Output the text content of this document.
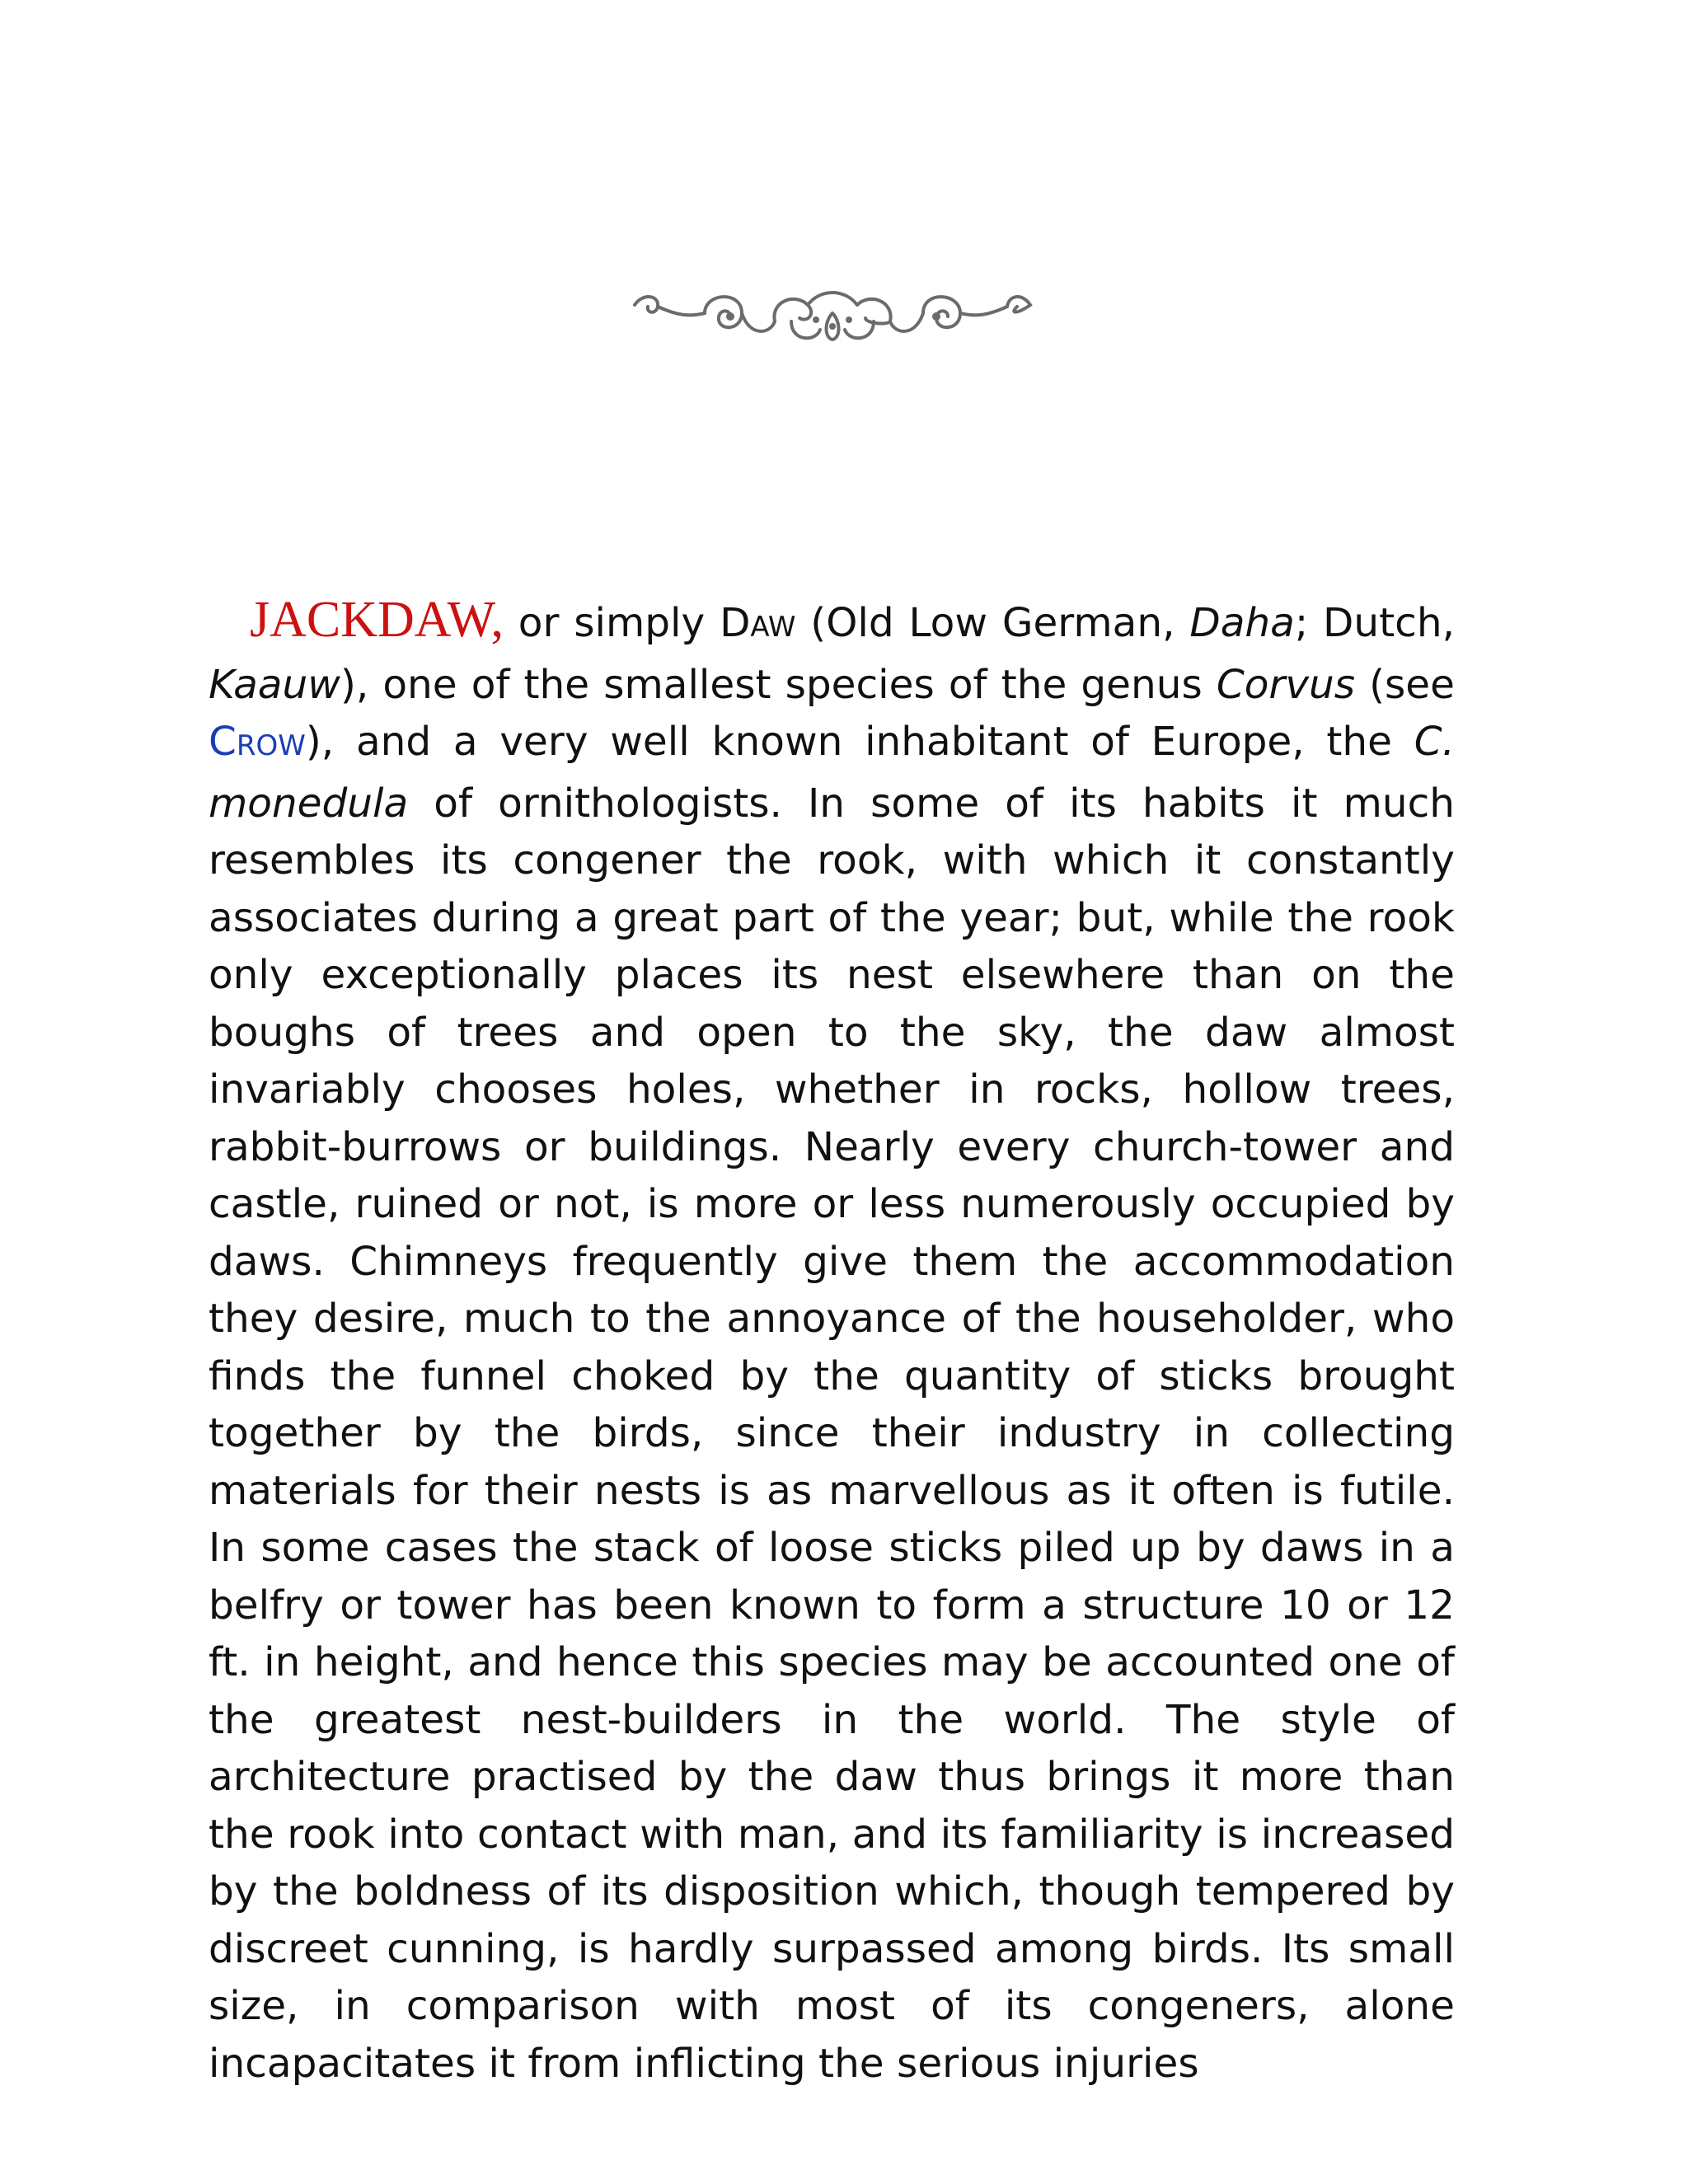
JACKDAW, or simply DAW (Old Low German, Daha; Dutch, Kaauw), one of the smallest species of the genus Corvus (see CROW), and a very well known inhabitant of Europe, the C. monedula of ornithologists. In some of its habits it much resembles its congener the rook, with which it constantly associates during a great part of the year; but, while the rook only exceptionally places its nest elsewhere than on the boughs of trees and open to the sky, the daw almost invariably chooses holes, whether in rocks, hollow trees, rabbit-burrows or buildings. Nearly every church-tower and castle, ruined or not, is more or less numerously occupied by daws. Chimneys frequently give them the accommodation they desire, much to the annoyance of the householder, who finds the funnel choked by the quantity of sticks brought together by the birds, since their industry in collecting materials for their nests is as marvellous as it often is futile. In some cases the stack of loose sticks piled up by daws in a belfry or tower has been known to form a structure 10 or 12 ft. in height, and hence this species may be accounted one of the greatest nest-builders in the world. The style of architecture practised by the daw thus brings it more than the rook into contact with man, and its familiarity is increased by the boldness of its disposition which, though tempered by discreet cunning, is hardly surpassed among birds. Its small size, in comparison with most of its congeners, alone incapacitates it from inflicting the serious injuries
